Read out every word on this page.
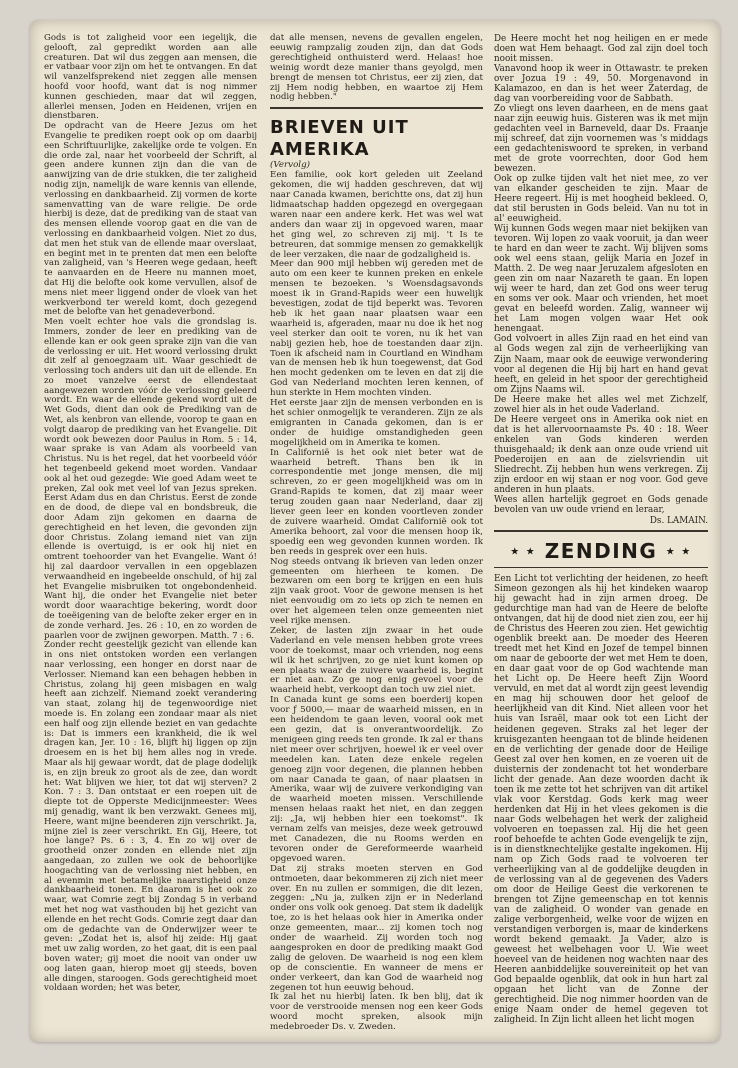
Gods is tot zaligheid voor een iegelijk, die gelooft, zal gepredikt worden aan alle creaturen. Dat wil dus zeggen aan mensen, die er vatbaar voor zijn om het te ontvangen. En dat wil vanzelfsprekend niet zeggen alle mensen hoofd voor hoofd, want dat is nog nimmer kunnen geschieden, maar dat wil zeggen, allerlei mensen, Joden en Heidenen, vrijen en dienstbaren.

De opdracht van de Heere Jezus om het Evangelie te prediken roept ook op om daarbij een Schriftuurlijke, zakelijke orde te volgen. En die orde zal, naar het voorbeeld der Schrift, al geen andere kunnen zijn dan die van de aanwijzing van de drie stukken, die ter zaligheid nodig zijn, namelijk de ware kennis van ellende, verlossing en dankbaarheid. Zij vormen de korte samenvatting van de ware religie. De orde hierbij is deze, dat de prediking van de staat van des mensen ellende voorop gaat en die van de verlossing en dankbaarheid volgen. Niet zo dus, dat men het stuk van de ellende maar overslaat, en begint met in te prenten dat men een belofte van zaligheid, van 's Heeren wege gedaan, heeft te aanvaarden en de Heere nu mannen moet, dat Hij die belofte ook kome vervullen, alsof de mens niet meer liggend onder de vloek van het werkverbond ter wereld komt, doch gezegend met de belofte van het genadeverbond.

Men voelt echter hoe vals die grondslag is. Immers, zonder de leer en prediking van de ellende kan er ook geen sprake zijn van die van de verlossing er uit. Het woord verlossing drukt dit zelf al genoegzaam uit. Waar geschiedt de verlossing toch anders uit dan uit de ellende. En zo moet vanzelve eerst de ellendestaat aangewezen worden vóór de verlossing geleerd wordt. En waar de ellende gekend wordt uit de Wet Gods, dient dan ook de Prediking van de Wet, als kenbron van ellende, voorop te gaan en volgt daarop de prediking van het Evangelie. Dit wordt ook bewezen door Paulus in Rom. 5 : 14, waar sprake is van Adam als voorbeeld van Christus. Nu is het regel, dat het voorbeeld vóór het tegenbeeld gekend moet worden. Vandaar ook al het oud gezegde: Wie goed Adam weet te preken, Zal ook met veel lof van Jezus spreken. Eerst Adam dus en dan Christus. Eerst de zonde en de dood, de diepe val en bondsbreuk, die door Adam zijn gekomen en daarna de gerechtigheid en het leven, die gevonden zijn door Christus. Zolang iemand niet van zijn ellende is overtuigd, is er ook hij niet en omtrent toehoorder van het Evangelie. Want ó! hij zal daardoor vervallen in een opgeblazen verwaandheid en ingebeelde onschuld, of hij zal het Evangelie misbruiken tot ongebondenheid. Want hij, die onder het Evangelie niet beter wordt door waarachtige bekering, wordt door de toeëigening van de belofte zeker erger en in de zonde verhard. Jes. 26 : 10, en zo worden de paarlen voor de zwijnen geworpen. Matth. 7 : 6.

Zonder recht geestelijk gezicht van ellende kan in ons niet ontstoken worden een verlangen naar verlossing, een honger en dorst naar de Verlosser. Niemand kan een behagen hebben in Christus, zolang hij geen misbagen en walg heeft aan zichzelf. Niemand zoekt verandering van staat, zolang hij de tegenwoordige niet moede is. En zolang een zondaar maar als niet een half oog zijn ellende beziet en van gedachte is: Dat is immers een krankheid, die ik wel dragen kan, Jer. 10 : 16, blijft hij liggen op zijn droesem en is het bij hem alles nog in vrede. Maar als hij gewaar wordt, dat de plage dodelijk is, en zijn breuk zo groot als de zee, dan wordt het: Wat blijven we hier, tot dat wij sterven? 2 Kon. 7 : 3. Dan ontstaat er een roepen uit de diepte tot de Opperste Medicijnmeester: Wees mij genadig, want ik ben verzwakt. Genees mij, Heere, want mijne beenderen zijn verschrikt. Ja, mijne ziel is zeer verschrikt. En Gij, Heere, tot hoe lange? Ps. 6 : 3, 4. En zo wij over de grootheid onzer zonden en ellende niet zijn aangedaan, zo zullen we ook de behoorlijke hoogachting van de verlossing niet hebben, en al evenmin met betamelijke naarstigheid onze dankbaarheid tonen. En daarom is het ook zo waar, wat Comrie zegt bij Zondag 5 in verband met het nog wat vasthouden bij het gezicht van ellende en het recht Gods. Comrie zegt daar dan om de gedachte van de Onderwijzer weer te geven: „Zodat het is, alsof hij zeide: Hij gaat met uw zalig worden, zo het gaat, dit is een paal boven water; gij moet die nooit van onder uw oog laten gaan, hierop moet gij steeds, boven alle dingen, staroogen. Gods gerechtigheid moet voldaan worden; het was beter,

dat alle mensen, nevens de gevallen engelen, eeuwig rampzalig zouden zijn, dan dat Gods gerechtigheid onthuisterd werd. Helaas! hoe weinig wordt deze manier thans geyolgd, men brengt de mensen tot Christus, eer zij zien, dat zij Hem nodig hebben, en waartoe zij Hem nodig hebben."

BRIEVEN UIT AMERIKA

(Vervolg)

Een familie, ook kort geleden uit Zeeland gekomen, die wij hadden geschreven, dat wij naar Canada kwamen, berichtte ons, dat zij hun lidmaatschap hadden opgezegd en overgegaan waren naar een andere kerk. Het was wel wat anders dan waar zij in opgevoed waren, maar het ging wel, zo schreven zij mij. 't Is te betreuren, dat sommige mensen zo gemakkelijk de leer verzaken, die naar de godzaligheid is.

Meer dan 900 mijl hebben wij gereden met de auto om een keer te kunnen preken en enkele mensen te bezoeken. 's Woensdagsavonds moest ik in Grand-Rapids weer een huwelijk bevestigen, zodat de tijd beperkt was. Tevoren heb ik het gaan naar plaatsen waar een waarheid is, afgeraden, maar nu doe ik het nog veel sterker dan ooit te voren, nu ik het van nabij gezien heb, hoe de toestanden daar zijn. Toen ik afscheid nam in Courtland en Windham van de mensen heb ik hun toegewenst, dat God hen mocht gedenken om te leven en dat zij die God van Nederland mochten leren kennen, of hun sterkte in Hem mochten vinden.

Het eerste jaar zijn de mensen verbonden en is het schier onmogelijk te veranderen. Zijn ze als emigranten in Canada gekomen, dan is er onder de huidige omstandigheden geen mogelijkheid om in Amerika te komen.

In Californië is het ook niet beter wat de waarheid betreft. Thans ben ik in correspondentie met jonge mensen, die mij schreven, zo er geen mogelijkheid was om in Grand-Rapids te komen, dat zij maar weer terug zouden gaan naar Nederland, daar zij liever geen leer en konden voortleven zonder de zuivere waarheid. Omdat Californië ook tot Amerika behoort, zal voor die mensen hoop ik, spoedig een weg gevonden kunnen worden. Ik ben reeds in gesprek over een huis.

Nog steeds ontvang ik brieven van leden onzer gemeenten om hierheen te komen. De bezwaren om een borg te krijgen en een huis zijn vaak groot. Voor de gewone mensen is het niet eenvoudig om zo iets op zich te nemen en over het algemeen telen onze gemeenten niet veel rijke mensen.

Zeker, de lasten zijn zwaar in het oude Vaderland en vele mensen hebben grote vrees voor de toekomst, maar och vrienden, nog eens wil ik het schrijven, zo ge niet kunt komen op een plaats waar de zuivere waarheid is, begint er niet aan. Zo ge nog enig gevoel voor de waarheid hebt, verkoopt dan toch uw ziel niet.

In Canada kunt ge soms een boerderij kopen voor ƒ 5000,— maar de waarheid missen, en in een heidendom te gaan leven, vooral ook met een gezin, dat is onverantwoordelijk. Zo menigeen ging reeds ten gronde. Ik zal er thans niet meer over schrijven, hoewel ik er veel over meedelen kan. Laten deze enkele regelen genoeg zijn voor degenen, die plannen hebben om naar Canada te gaan, of naar plaatsen in Amerika, waar wij de zuivere verkondiging van de waarheid moeten missen. Verschillende mensen helaas raakt het niet, en dan zeggen zij: „Ja, wij hebben hier een toekomst". Ik vernam zelfs van meisjes, deze week getrouwd met Canadezen, die nu Rooms werden en tevoren onder de Gereformeerde waarheid opgevoed waren.

Dat zij straks moeten sterven en God ontmoeten, daar bekommeren zij zich niet meer over. En nu zullen er sommigen, die dit lezen, zeggen: „Nu ja, zulken zijn er in Nederland onder ons volk ook genoeg. Dat stem ik dadelijk toe, zo is het helaas ook hier in Amerika onder onze gemeenten, maar... zij komen toch nog onder de waarheid. Zij worden toch nog aangesproken en door de prediking maakt God zalig de geloven. De waarheid is nog een klem op de conscientie. En wanneer de mens er onder verkeert, dan kan God de waarheid nog zegenen tot hun eeuwig behoud.

Ik zal het nu hierbij laten. Ik ben blij, dat ik voor de verstrooide mensen nog een keer Gods woord mocht spreken, alsook mijn medebroeder Ds. v. Zweden.

De Heere mocht het nog heiligen en er mede doen wat Hem behaagt. God zal zijn doel toch nooit missen.

Vanavond hoop ik weer in Ottawastr. te preken over Jozua 19 : 49, 50. Morgenavond in Kalamazoo, en dan is het weer Zaterdag, de dag van voorbereiding voor de Sabbath.

Zo vliegt ons leven daarheen, en de mens gaat naar zijn eeuwig huis. Gisteren was ik met mijn gedachten veel in Barneveld, daar Ds. Fraanje mij schreef, dat zijn voornemen was 's middags een gedachteniswoord te spreken, in verband met de grote voorrechten, door God hem bewezen.

Ook op zulke tijden valt het niet mee, zo ver van elkander gescheiden te zijn. Maar de Heere regeert. Hij is met hoogheid bekleed. O, dat stil berusten in Gods beleid. Van nu tot in al' eeuwigheid.

Wij kunnen Gods wegen maar niet bekijken van tevoren. Wij lopen zo vaak vooruit, ja dan weer te hard en dan weer te zacht. Wij blijven soms ook wel eens staan, gelijk Maria en Jozef in Matth. 2. De weg naar Jeruzalem afgesloten en geen zin om naar Nazareth te gaan. En lopen wij weer te hard, dan zet God ons weer terug en soms ver ook. Maar och vrienden, het moet gevat en beleefd worden. Zalig, wanneer wij het Lam mogen volgen waar Het ook henengaat.

God volvoert in alles Zijn raad en het eind van al Gods wegen zal zijn de verheerlijking van Zijn Naam, maar ook de eeuwige verwondering voor al degenen die Hij bij hart en hand gevat heeft, en geleid in het spoor der gerechtigheid om Zijns Naams wil.

De Heere make het alles wel met Zichzelf, zowel hier als in het oude Vaderland.

De Heere vergeet ons in Amerika ook niet en dat is het allervoornaamste Ps. 40 : 18. Weer enkelen van Gods kinderen werden thuisgehaald; ik denk aan onze oude vriend uit Poederoijen en aan de zielsvriendin uit Sliedrecht. Zij hebben hun wens verkregen. Zij zijn erdoor en wij staan er nog voor. God geve anderen in hun plaats.

Wees allen hartelijk gegroet en Gods genade bevolen van uw oude vriend en leraar,

Ds. LAMAIN.

★ ★ ZENDING ★ ★

Een Licht tot verlichting der heidenen, zo heeft Simeon gezongen als hij het kindeken waarop hij gewacht had in zijn armen droeg. De gedurchtige man had van de Heere de belofte ontvangen, dat hij de dood niet zien zou, eer hij de Christus des Heeren zou zien. Het gewichtig ogenblik breekt aan. De moeder des Heeren treedt met het Kind en Jozef de tempel binnen om naar de geboorte der wet met Hem te doen, en daar gaat voor de op God wachtende man het Licht op. De Heere heeft Zijn Woord vervuld, en met dat al wordt zijn geest levendig en mag hij schouwen door het geloof de heerlijkheid van dit Kind. Niet alleen voor het huis van Israël, maar ook tot een Licht der heidenen gegeven. Straks zal het leger der kruisgezanten heengaan tot de blinde heidenen en de verlichting der genade door de Heilige Geest zal over hen komen, en ze voeren uit de duisternis der zondenacht tot het wonderbare licht der genade. Aan deze woorden dacht ik toen ik me zette tot het schrijven van dit artikel vlak voor Kerstdag. Gods kerk mag weer herdenken dat Hij in het vlees gekomen is die naar Gods welbehagen het werk der zaligheid volvoeren en toepassen zal. Hij die het geen roof behoefde te achten Gode evengelijk te zijn, is in dienstknechtelijke gestalte ingekomen. Hij nam op Zich Gods raad te volvoeren ter verheerlijking van al de goddelijke deugden in de verlossing van al de gegevenen des Vaders om door de Heilige Geest die verkorenen te brengen tot Zijne gemeenschap en tot kennis van de zaligheid. O wonder van genade en zalige verborgenheid, welke voor de wijzen en verstandigen verborgen is, maar de kinderkens wordt bekend gemaakt. Ja Vader, alzo is geweest het welbehagen voor U. Wie weet hoeveel van de heidenen nog wachten naar des Heeren aanbiddelijke souvereiniteit op het van God bepaalde ogenblik, dat ook in hun hart zal opgaan het licht van de Zonne der gerechtigheid. Die nog nimmer hoorden van de enige Naam onder de hemel gegeven tot zaligheid. In Zijn licht alleen het licht mogen
